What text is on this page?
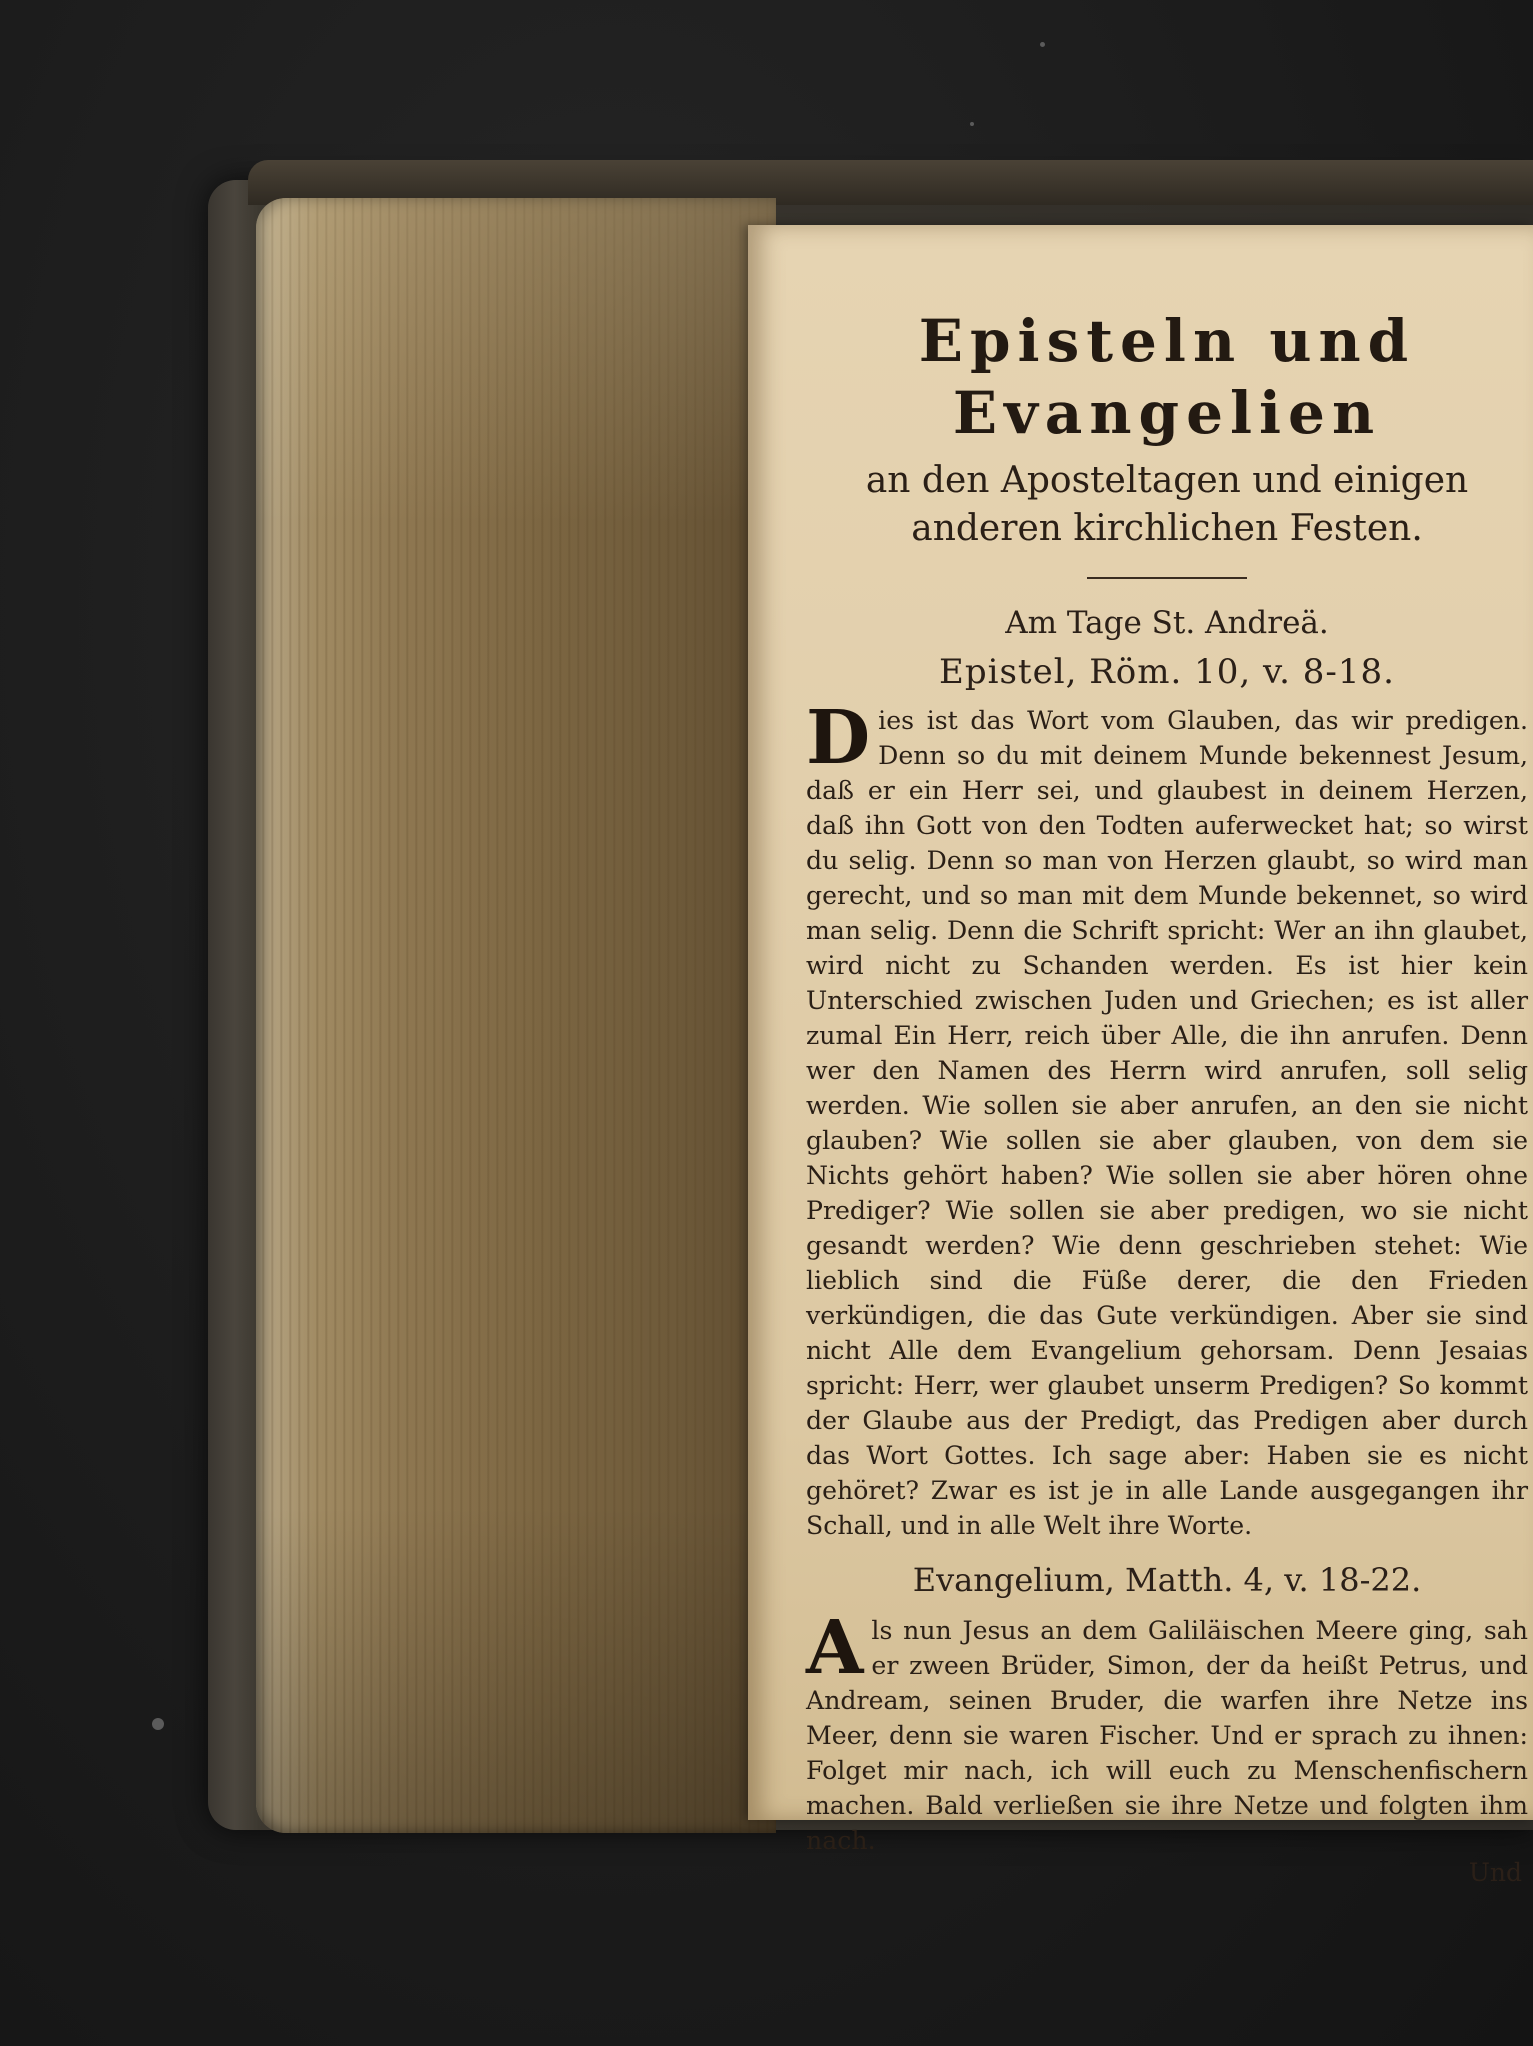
Episteln und Evangelien

an den Aposteltagen und einigen anderen kirchlichen Festen.

Am Tage St. Andreä.

Epistel, Röm. 10, v. 8-18.

Dies ist das Wort vom Glauben, das wir predigen. Denn so du mit deinem Munde bekennest Jesum, daß er ein Herr sei, und glaubest in deinem Herzen, daß ihn Gott von den Todten auferwecket hat; so wirst du selig. Denn so man von Herzen glaubt, so wird man gerecht, und so man mit dem Munde bekennet, so wird man selig. Denn die Schrift spricht: Wer an ihn glaubet, wird nicht zu Schanden werden. Es ist hier kein Unterschied zwischen Juden und Griechen; es ist aller zumal Ein Herr, reich über Alle, die ihn anrufen. Denn wer den Namen des Herrn wird anrufen, soll selig werden. Wie sollen sie aber anrufen, an den sie nicht glauben? Wie sollen sie aber glauben, von dem sie Nichts gehört haben? Wie sollen sie aber hören ohne Prediger? Wie sollen sie aber predigen, wo sie nicht gesandt werden? Wie denn geschrieben stehet: Wie lieblich sind die Füße derer, die den Frieden verkündigen, die das Gute verkündigen. Aber sie sind nicht Alle dem Evangelium gehorsam. Denn Jesaias spricht: Herr, wer glaubet unserm Predigen? So kommt der Glaube aus der Predigt, das Predigen aber durch das Wort Gottes. Ich sage aber: Haben sie es nicht gehöret? Zwar es ist je in alle Lande ausgegangen ihr Schall, und in alle Welt ihre Worte.

Evangelium, Matth. 4, v. 18-22.

Als nun Jesus an dem Galiläischen Meere ging, sah er zween Brüder, Simon, der da heißt Petrus, und Andream, seinen Bruder, die warfen ihre Netze ins Meer, denn sie waren Fischer. Und er sprach zu ihnen: Folget mir nach, ich will euch zu Menschenfischern machen. Bald verließen sie ihre Netze und folgten ihm nach.

Und
